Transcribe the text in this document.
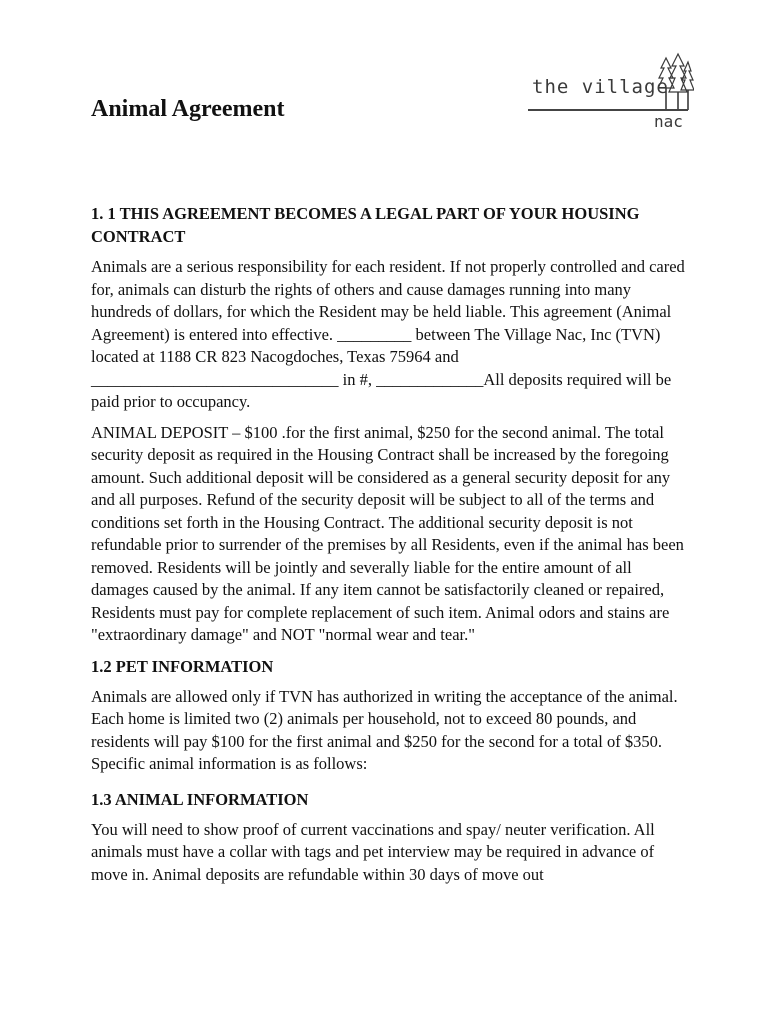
Animal Agreement
the village
nac

1. 1 THIS AGREEMENT BECOMES A LEGAL PART OF YOUR HOUSING CONTRACT

Animals are a serious responsibility for each resident. If not properly controlled and cared for, animals can disturb the rights of others and cause damages running into many hundreds of dollars, for which the Resident may be held liable. This agreement (Animal Agreement) is entered into effective. _________ between The Village Nac, Inc (TVN) located at 1188 CR 823 Nacogdoches, Texas 75964 and ______________________________ in #, _____________All deposits required will be paid prior to occupancy.

ANIMAL DEPOSIT – $100 .for the first animal, $250 for the second animal. The total security deposit as required in the Housing Contract shall be increased by the foregoing amount. Such additional deposit will be considered as a general security deposit for any and all purposes. Refund of the security deposit will be subject to all of the terms and conditions set forth in the Housing Contract. The additional security deposit is not refundable prior to surrender of the premises by all Residents, even if the animal has been removed. Residents will be jointly and severally liable for the entire amount of all damages caused by the animal. If any item cannot be satisfactorily cleaned or repaired, Residents must pay for complete replacement of such item. Animal odors and stains are "extraordinary damage" and NOT "normal wear and tear."

1.2 PET INFORMATION

Animals are allowed only if TVN has authorized in writing the acceptance of the animal. Each home is limited two (2) animals per household, not to exceed 80 pounds, and residents will pay $100 for the first animal and $250 for the second for a total of $350. Specific animal information is as follows:

1.3 ANIMAL INFORMATION

You will need to show proof of current vaccinations and spay/ neuter verification. All animals must have a collar with tags and pet interview may be required in advance of move in. Animal deposits are refundable within 30 days of move out
